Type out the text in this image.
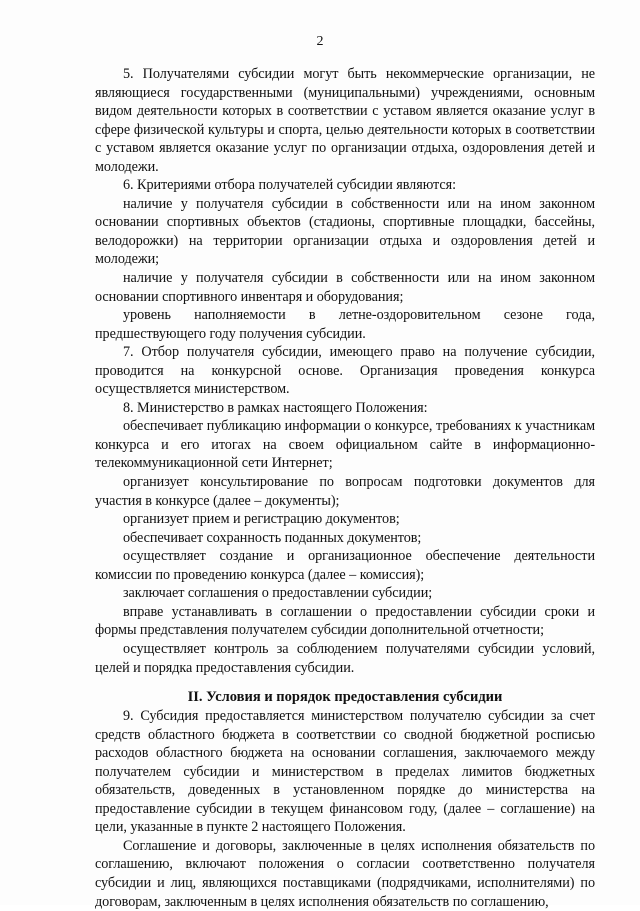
2

5. Получателями субсидии могут быть некоммерческие организации, не являющиеся государственными (муниципальными) учреждениями, основным видом деятельности которых в соответствии с уставом является оказание услуг в сфере физической культуры и спорта, целью деятельности которых в соответствии с уставом является оказание услуг по организации отдыха, оздоровления детей и молодежи.

6. Критериями отбора получателей субсидии являются:

наличие у получателя субсидии в собственности или на ином законном основании спортивных объектов (стадионы, спортивные площадки, бассейны, велодорожки) на территории организации отдыха и оздоровления детей и молодежи;

наличие у получателя субсидии в собственности или на ином законном основании спортивного инвентаря и оборудования;

уровень наполняемости в летне-оздоровительном сезоне года, предшествующего году получения субсидии.

7. Отбор получателя субсидии, имеющего право на получение субсидии, проводится на конкурсной основе. Организация проведения конкурса осуществляется министерством.

8. Министерство в рамках настоящего Положения:

обеспечивает публикацию информации о конкурсе, требованиях к участникам конкурса и его итогах на своем официальном сайте в информационно-телекоммуникационной сети Интернет;

организует консультирование по вопросам подготовки документов для участия в конкурсе (далее – документы);

организует прием и регистрацию документов;

обеспечивает сохранность поданных документов;

осуществляет создание и организационное обеспечение деятельности комиссии по проведению конкурса (далее – комиссия);

заключает соглашения о предоставлении субсидии;

вправе устанавливать в соглашении о предоставлении субсидии сроки и формы представления получателем субсидии дополнительной отчетности;

осуществляет контроль за соблюдением получателями субсидии условий, целей и порядка предоставления субсидии.

II. Условия и порядок предоставления субсидии

9. Субсидия предоставляется министерством получателю субсидии за счет средств областного бюджета в соответствии со сводной бюджетной росписью расходов областного бюджета на основании соглашения, заключаемого между получателем субсидии и министерством в пределах лимитов бюджетных обязательств, доведенных в установленном порядке до министерства на предоставление субсидии в текущем финансовом году, (далее – соглашение) на цели, указанные в пункте 2 настоящего Положения.

Соглашение и договоры, заключенные в целях исполнения обязательств по соглашению, включают положения о согласии соответственно получателя субсидии и лиц, являющихся поставщиками (подрядчиками, исполнителями) по договорам, заключенным в целях исполнения обязательств по соглашению,
